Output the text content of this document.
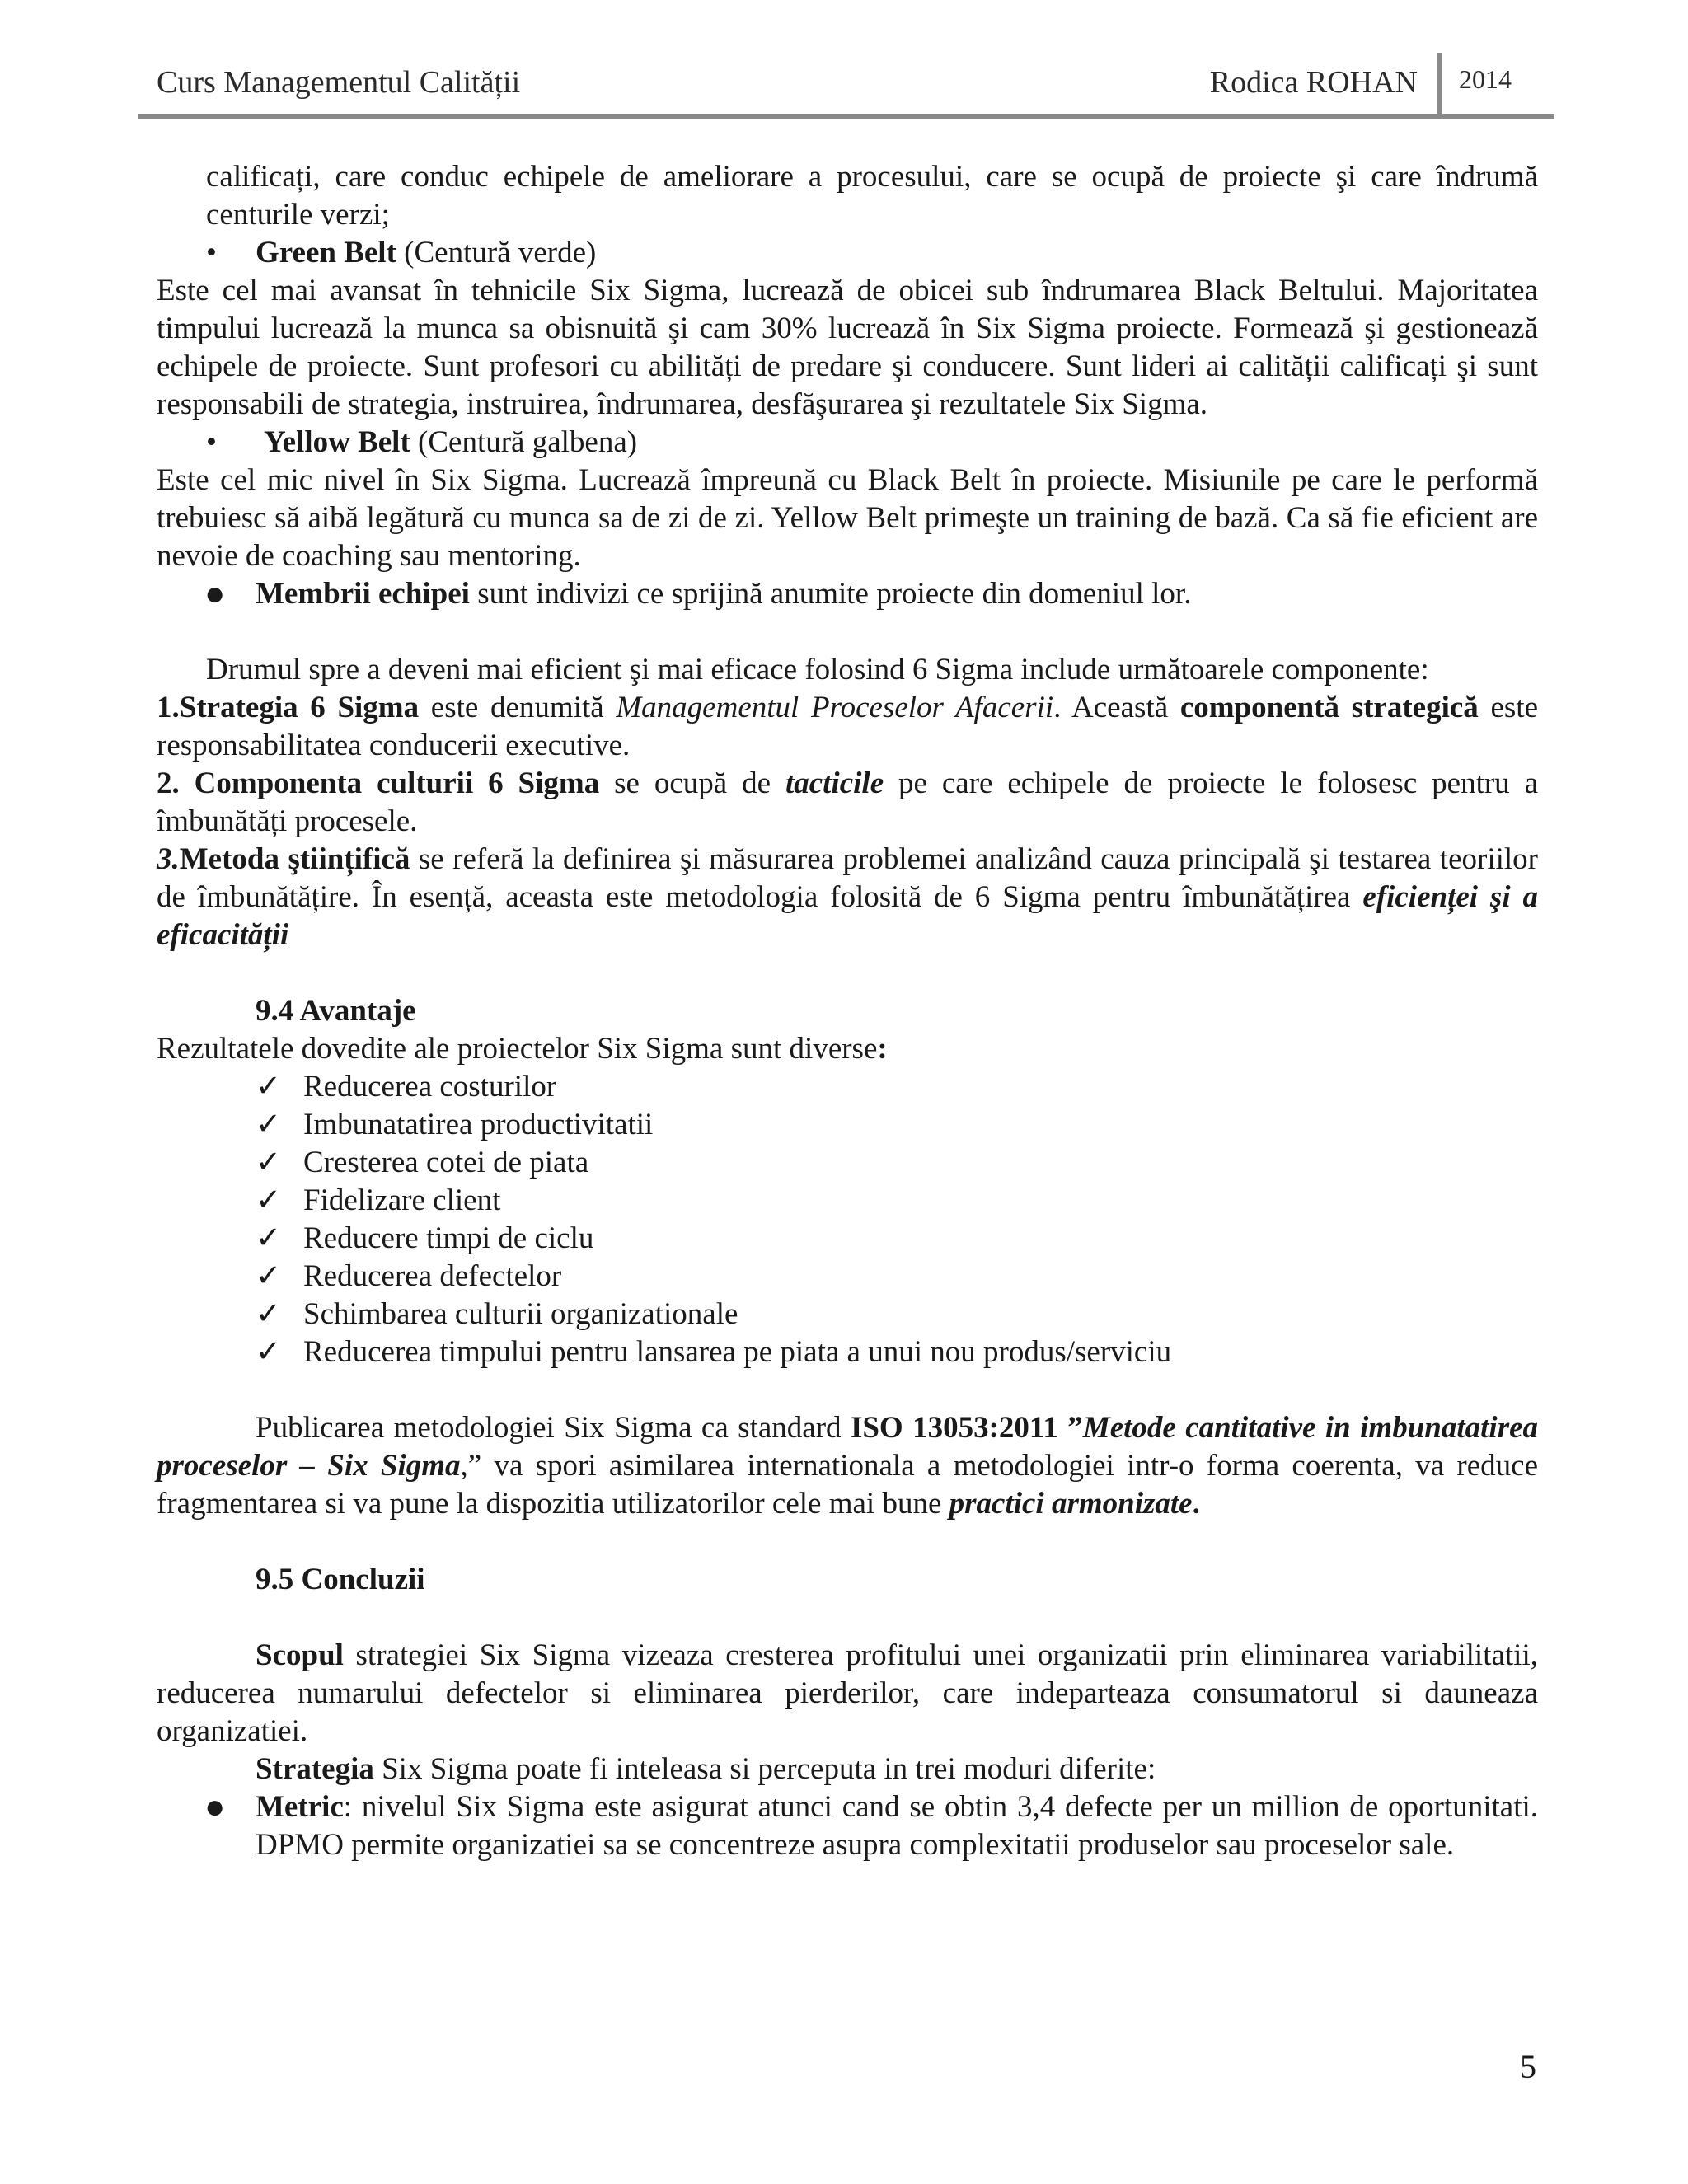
Curs Managementul Calității	Rodica ROHAN 2014

calificați, care conduc echipele de ameliorare a procesului, care se ocupă de proiecte şi care îndrumă centurile verzi;

• Green Belt (Centură verde)

Este cel mai avansat în tehnicile Six Sigma, lucrează de obicei sub îndrumarea Black Beltului. Majoritatea timpului lucrează la munca sa obisnuită şi cam 30% lucrează în Six Sigma proiecte. Formează şi gestionează echipele de proiecte. Sunt profesori cu abilități de predare şi conducere. Sunt lideri ai calității calificați şi sunt responsabili de strategia, instruirea, îndrumarea, desfăşurarea şi rezultatele Six Sigma.

• Yellow Belt (Centură galbena)

Este cel mic nivel în Six Sigma. Lucrează împreună cu Black Belt în proiecte. Misiunile pe care le performă trebuiesc să aibă legătură cu munca sa de zi de zi. Yellow Belt primeşte un training de bază. Ca să fie eficient are nevoie de coaching sau mentoring.

● Membrii echipei sunt indivizi ce sprijină anumite proiecte din domeniul lor.

Drumul spre a deveni mai eficient şi mai eficace folosind 6 Sigma include următoarele componente:

1.Strategia 6 Sigma este denumită Managementul Proceselor Afacerii. Această componentă strategică este responsabilitatea conducerii executive.

2. Componenta culturii 6 Sigma se ocupă de tacticile pe care echipele de proiecte le folosesc pentru a îmbunătăți procesele.

3.Metoda ştiințifică se referă la definirea şi măsurarea problemei analizând cauza principală şi testarea teoriilor de îmbunătățire. În esență, aceasta este metodologia folosită de 6 Sigma pentru îmbunătățirea eficienței şi a eficacității

9.4 Avantaje

Rezultatele dovedite ale proiectelor Six Sigma sunt diverse:

✓ Reducerea costurilor

✓ Imbunatatirea productivitatii

✓ Cresterea cotei de piata

✓ Fidelizare client

✓ Reducere timpi de ciclu

✓ Reducerea defectelor

✓ Schimbarea culturii organizationale

✓ Reducerea timpului pentru lansarea pe piata a unui nou produs/serviciu

Publicarea metodologiei Six Sigma ca standard ISO 13053:2011 ”Metode cantitative in imbunatatirea proceselor – Six Sigma,” va spori asimilarea internationala a metodologiei intr-o forma coerenta, va reduce fragmentarea si va pune la dispozitia utilizatorilor cele mai bune practici armonizate.

9.5 Concluzii

Scopul strategiei Six Sigma vizeaza cresterea profitului unei organizatii prin eliminarea variabilitatii, reducerea numarului defectelor si eliminarea pierderilor, care indeparteaza consumatorul si dauneaza organizatiei.

Strategia Six Sigma poate fi inteleasa si perceputa in trei moduri diferite:

● Metric: nivelul Six Sigma este asigurat atunci cand se obtin 3,4 defecte per un million de oportunitati. DPMO permite organizatiei sa se concentreze asupra complexitatii produselor sau proceselor sale.

5
